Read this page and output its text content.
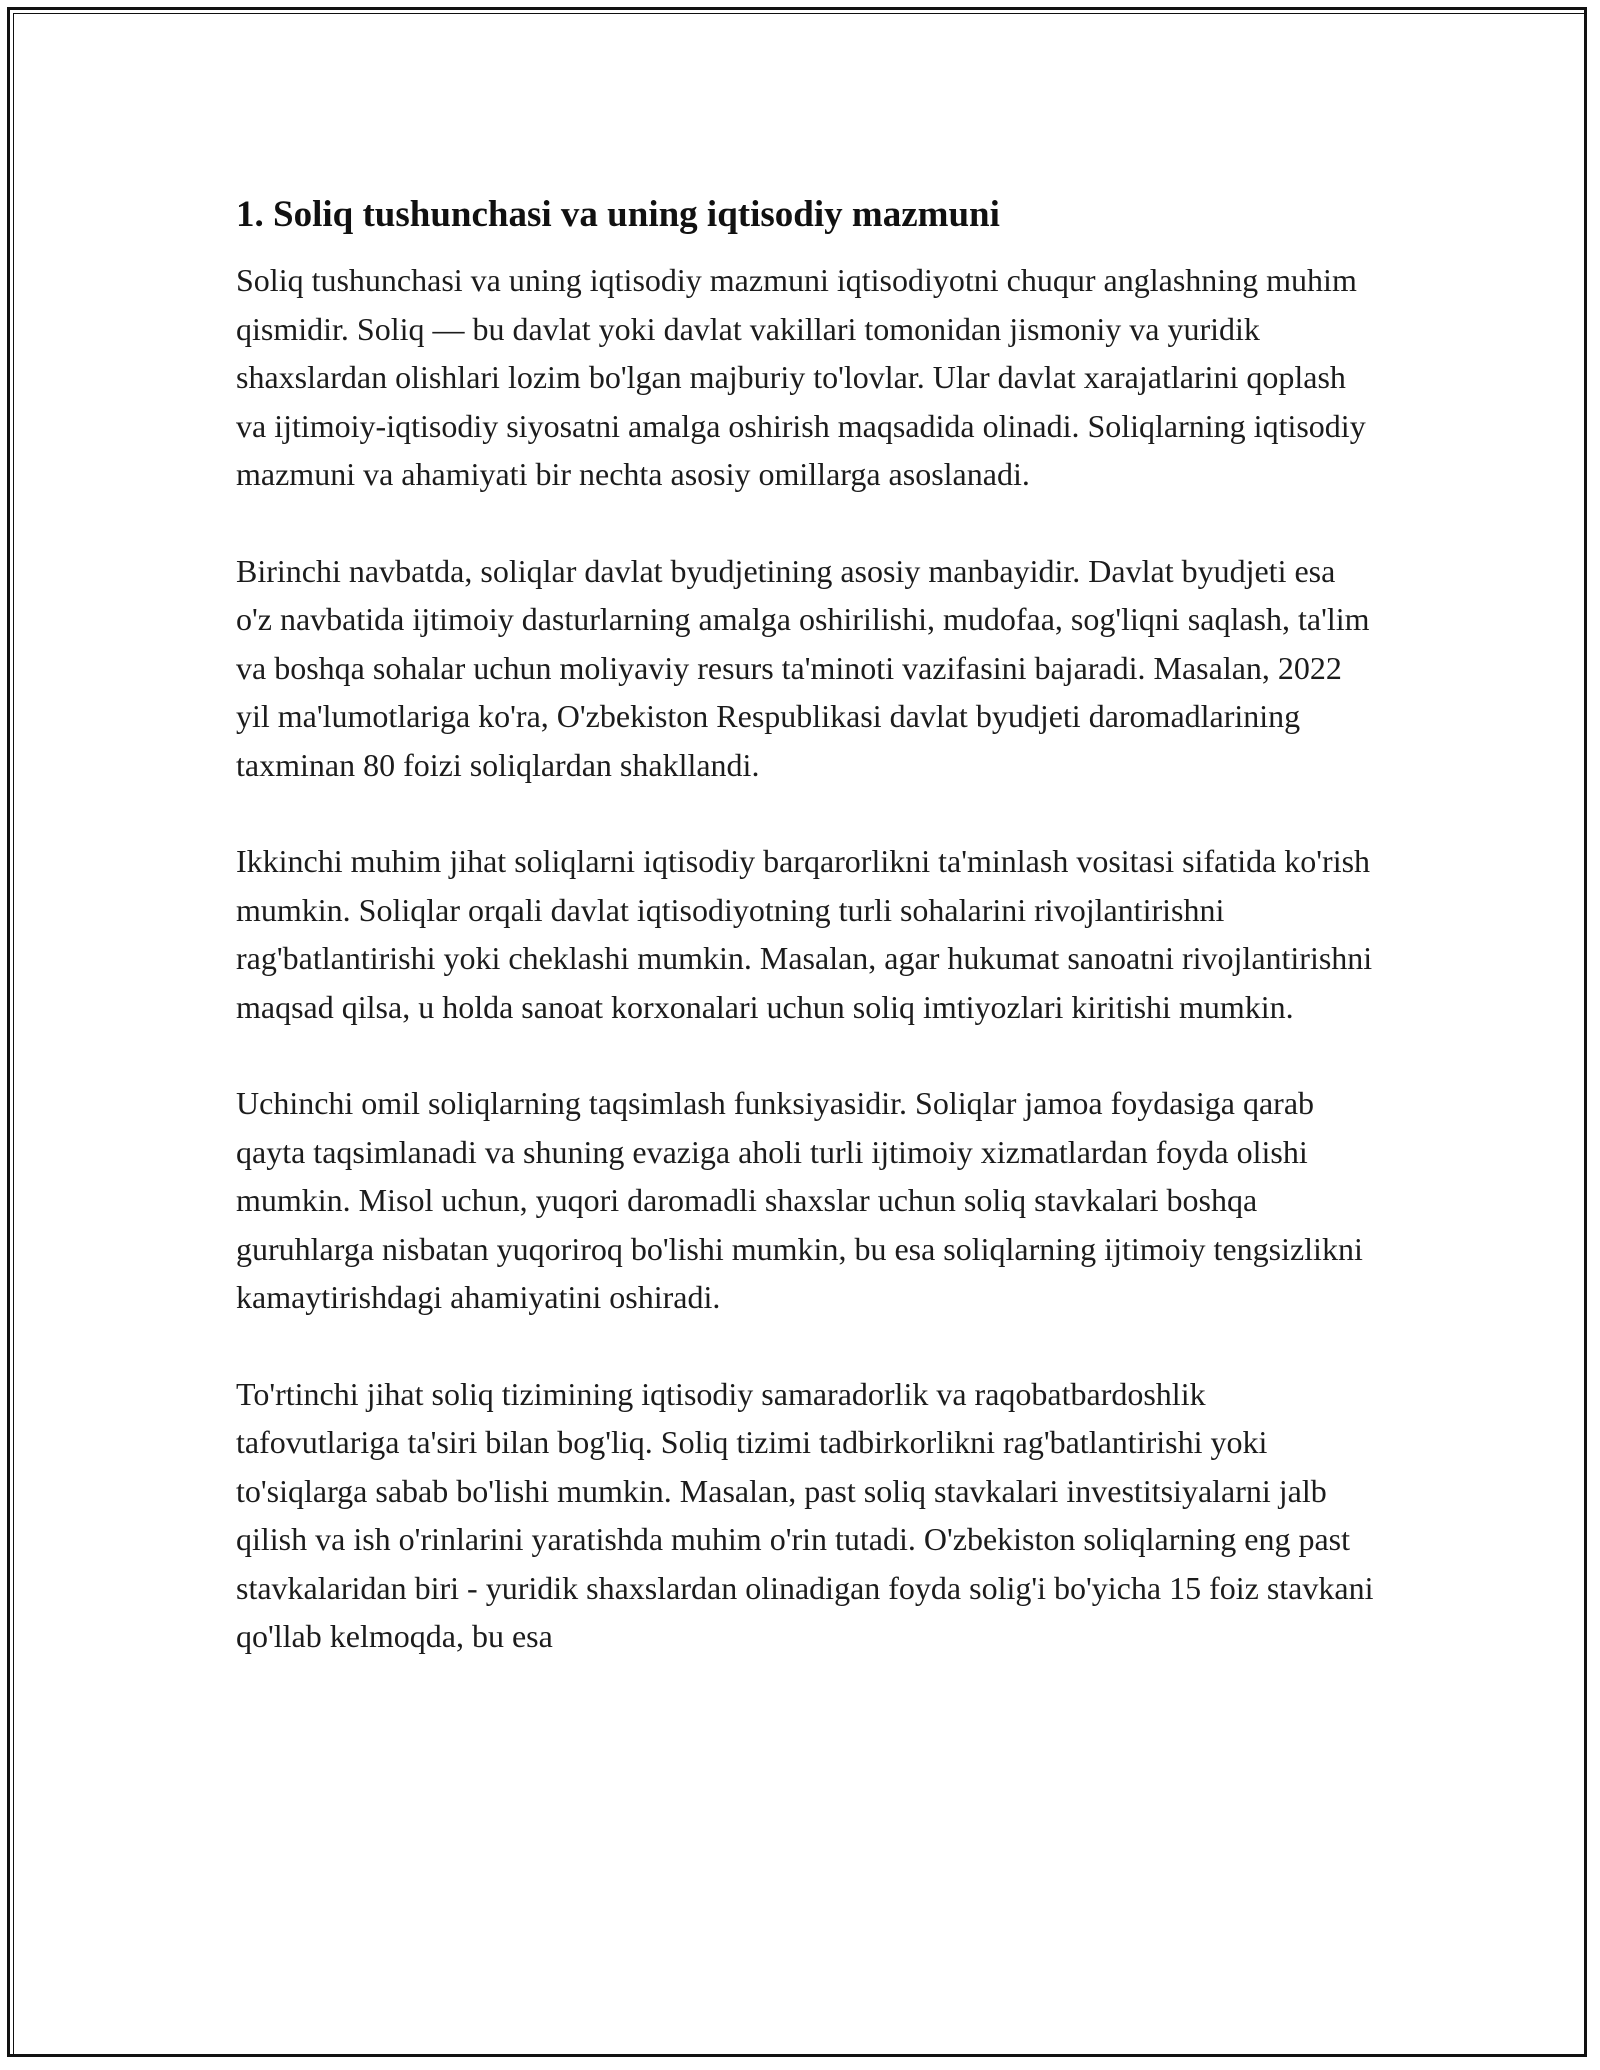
1. Soliq tushunchasi va uning iqtisodiy mazmuni

Soliq tushunchasi va uning iqtisodiy mazmuni iqtisodiyotni chuqur anglashning muhim qismidir. Soliq — bu davlat yoki davlat vakillari tomonidan jismoniy va yuridik shaxslardan olishlari lozim bo'lgan majburiy to'lovlar. Ular davlat xarajatlarini qoplash va ijtimoiy-iqtisodiy siyosatni amalga oshirish maqsadida olinadi. Soliqlarning iqtisodiy mazmuni va ahamiyati bir nechta asosiy omillarga asoslanadi.

Birinchi navbatda, soliqlar davlat byudjetining asosiy manbayidir. Davlat byudjeti esa o'z navbatida ijtimoiy dasturlarning amalga oshirilishi, mudofaa, sog'liqni saqlash, ta'lim va boshqa sohalar uchun moliyaviy resurs ta'minoti vazifasini bajaradi. Masalan, 2022 yil ma'lumotlariga ko'ra, O'zbekiston Respublikasi davlat byudjeti daromadlarining taxminan 80 foizi soliqlardan shakllandi.

Ikkinchi muhim jihat soliqlarni iqtisodiy barqarorlikni ta'minlash vositasi sifatida ko'rish mumkin. Soliqlar orqali davlat iqtisodiyotning turli sohalarini rivojlantirishni rag'batlantirishi yoki cheklashi mumkin. Masalan, agar hukumat sanoatni rivojlantirishni maqsad qilsa, u holda sanoat korxonalari uchun soliq imtiyozlari kiritishi mumkin.

Uchinchi omil soliqlarning taqsimlash funksiyasidir. Soliqlar jamoa foydasiga qarab qayta taqsimlanadi va shuning evaziga aholi turli ijtimoiy xizmatlardan foyda olishi mumkin. Misol uchun, yuqori daromadli shaxslar uchun soliq stavkalari boshqa guruhlarga nisbatan yuqoriroq bo'lishi mumkin, bu esa soliqlarning ijtimoiy tengsizlikni kamaytirishdagi ahamiyatini oshiradi.

To'rtinchi jihat soliq tizimining iqtisodiy samaradorlik va raqobatbardoshlik tafovutlariga ta'siri bilan bog'liq. Soliq tizimi tadbirkorlikni rag'batlantirishi yoki to'siqlarga sabab bo'lishi mumkin. Masalan, past soliq stavkalari investitsiyalarni jalb qilish va ish o'rinlarini yaratishda muhim o'rin tutadi. O'zbekiston soliqlarning eng past stavkalaridan biri - yuridik shaxslardan olinadigan foyda solig'i bo'yicha 15 foiz stavkani qo'llab kelmoqda, bu esa
